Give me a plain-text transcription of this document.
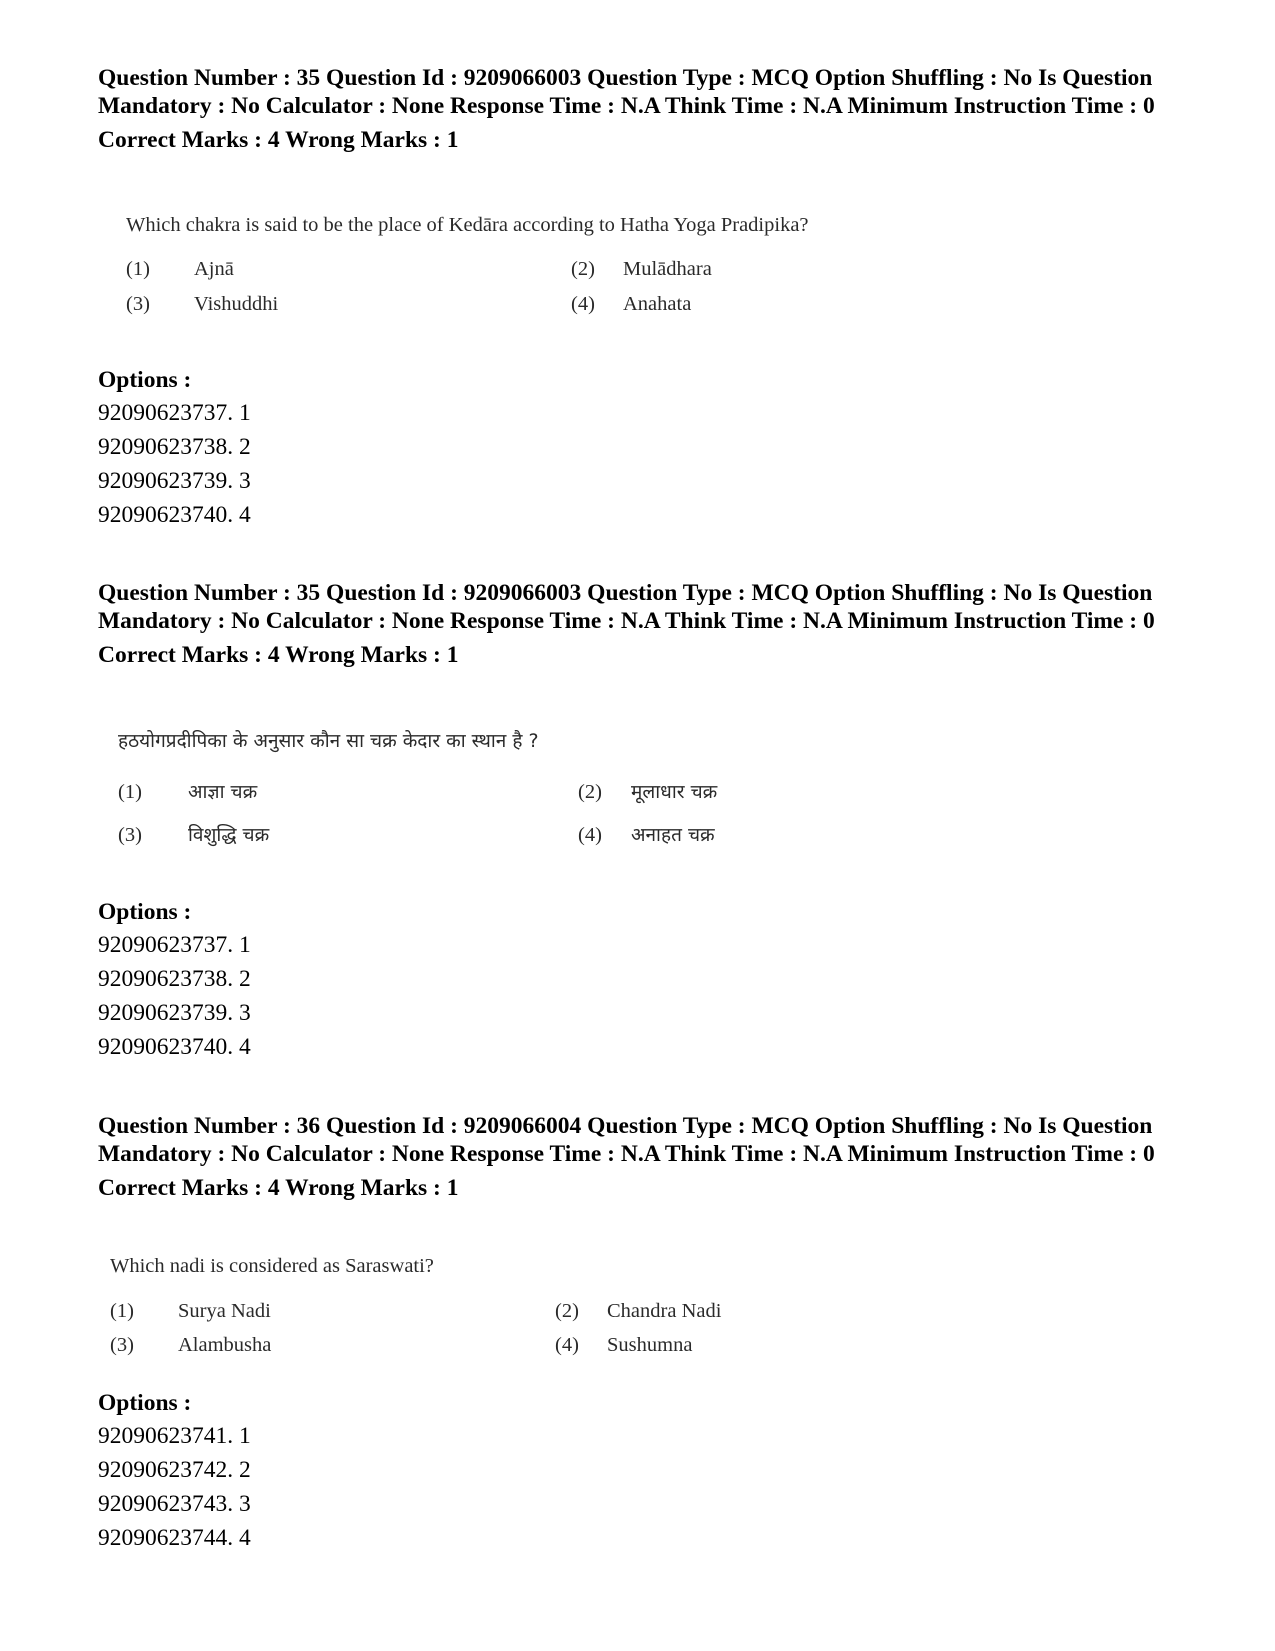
Question Number : 35 Question Id : 9209066003 Question Type : MCQ Option Shuffling : No Is Question Mandatory : No Calculator : None Response Time : N.A Think Time : N.A Minimum Instruction Time : 0

Correct Marks : 4 Wrong Marks : 1
Which chakra is said to be the place of Kedāra according to Hatha Yoga Pradipika?
(1) Ajnā	(2) Mulādhara
(3) Vishuddhi	(4) Anahata
Options :
92090623737. 1
92090623738. 2
92090623739. 3
92090623740. 4

Question Number : 35 Question Id : 9209066003 Question Type : MCQ Option Shuffling : No Is Question Mandatory : No Calculator : None Response Time : N.A Think Time : N.A Minimum Instruction Time : 0

Correct Marks : 4 Wrong Marks : 1
हठयोगप्रदीपिका के अनुसार कौन सा चक्र केदार का स्थान है ?
(1) आज्ञा चक्र	(2) मूलाधार चक्र
(3) विशुद्धि चक्र	(4) अनाहत चक्र
Options :
92090623737. 1
92090623738. 2
92090623739. 3
92090623740. 4

Question Number : 36 Question Id : 9209066004 Question Type : MCQ Option Shuffling : No Is Question Mandatory : No Calculator : None Response Time : N.A Think Time : N.A Minimum Instruction Time : 0

Correct Marks : 4 Wrong Marks : 1
Which nadi is considered as Saraswati?
(1) Surya Nadi	(2) Chandra Nadi
(3) Alambusha	(4) Sushumna
Options :
92090623741. 1
92090623742. 2
92090623743. 3
92090623744. 4
